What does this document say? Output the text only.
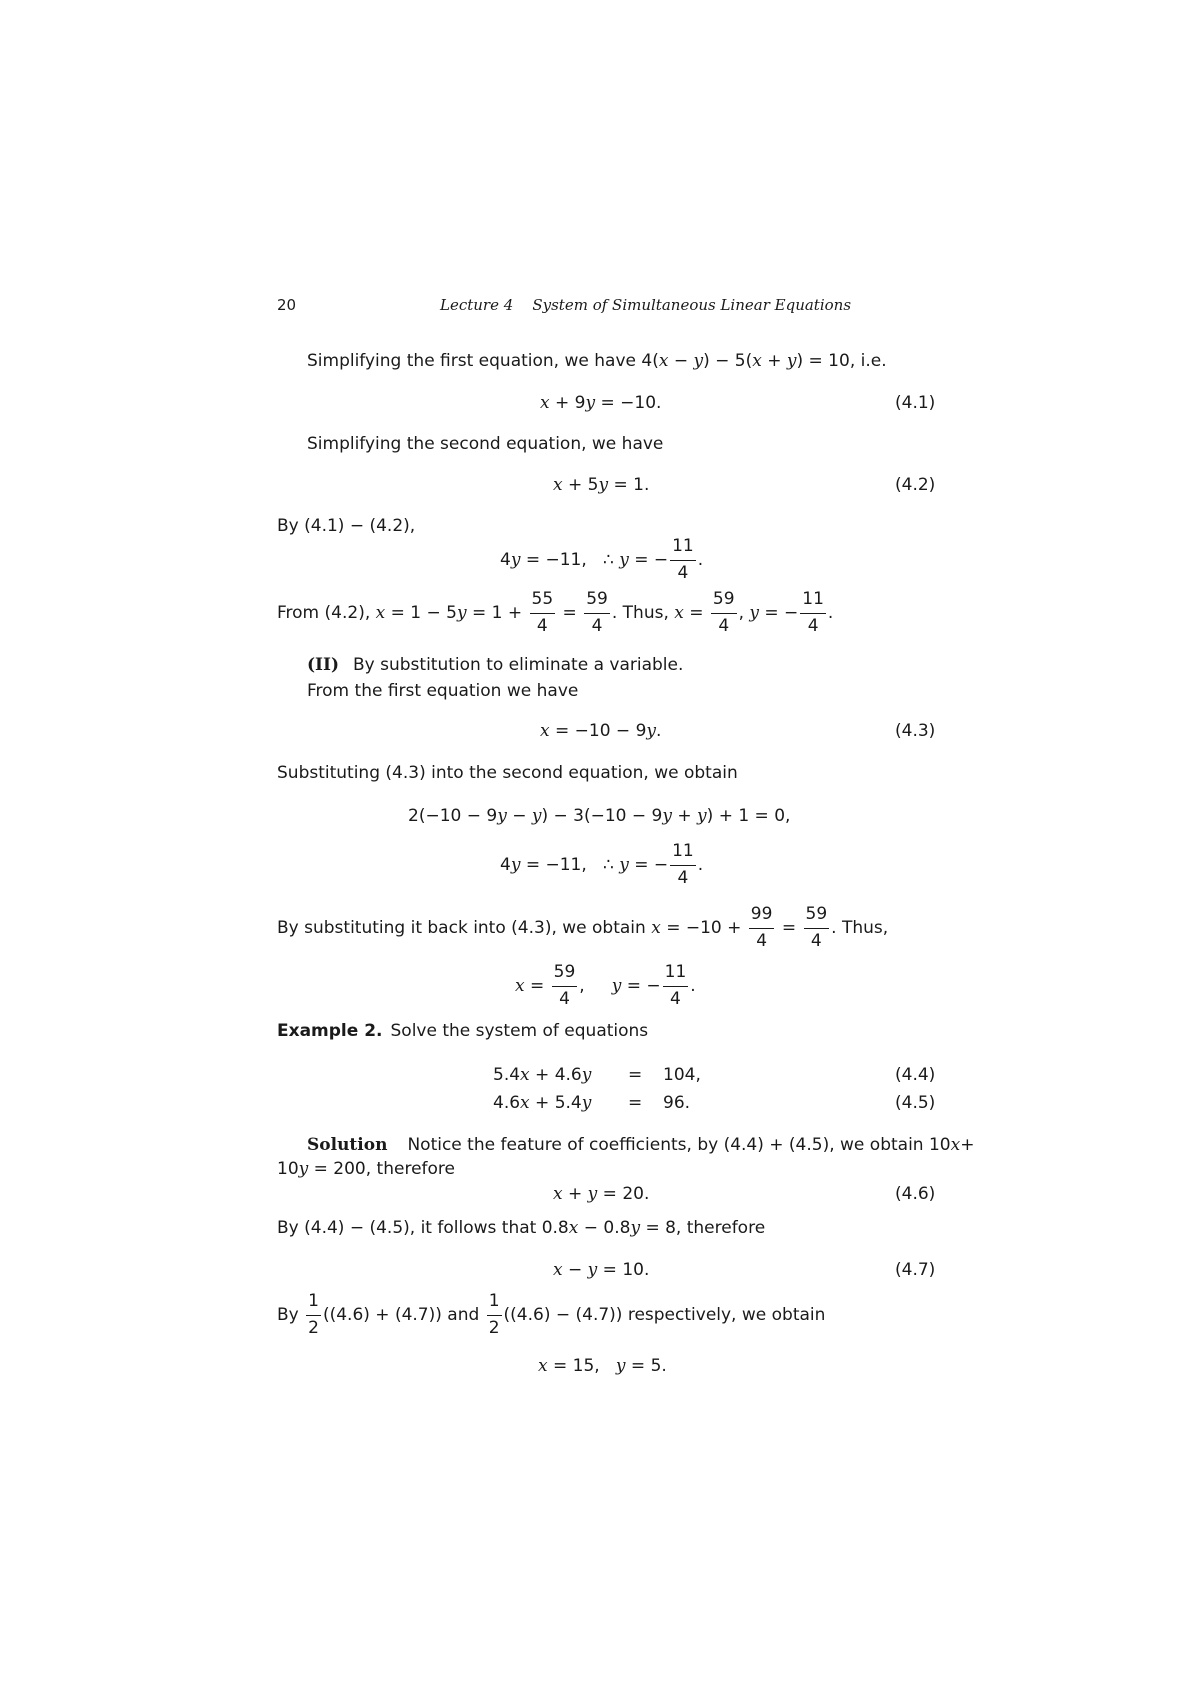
20	Lecture 4    System of Simultaneous Linear Equations
Simplifying the first equation, we have 4(x − y) − 5(x + y) = 10, i.e.
x + 9y = −10.	(4.1)
Simplifying the second equation, we have
x + 5y = 1.	(4.2)
By (4.1) − (4.2),
4y = −11,   ∴ y = − $\frac{11}{4}$ .
From (4.2), $x = 1 - 5y = 1 + \frac{55}{4} = \frac{59}{4}$ . Thus, $x = \frac{59}{4}$ , y = − $\frac{11}{4}$ .
(II) By substitution to eliminate a variable.
From the first equation we have
x = −10 − 9y.	(4.3)
Substituting (4.3) into the second equation, we obtain
2(−10 − 9y − y) − 3(−10 − 9y + y) + 1 = 0,
4y = −11,   ∴ y = − $\frac{11}{4}$ .
By substituting it back into (4.3), we obtain $x = -10 + \frac{99}{4} = \frac{59}{4}$ . Thus,
$x = \frac{59}{4}$ ,     y = − $\frac{11}{4}$ .
Example 2. Solve the system of equations
5.4x + 4.6y = 104,	(4.4)
4.6x + 5.4y = 96.	(4.5)
Solution Notice the feature of coefficients, by (4.4) + (4.5), we obtain 10x+
10y = 200, therefore
x + y = 20.	(4.6)
By (4.4) − (4.5), it follows that 0.8x − 0.8y = 8, therefore
x − y = 10.	(4.7)
By $\frac{1}{2} ((4.6) + (4.7))$ and $\frac{1}{2} ((4.6) - (4.7))$ respectively, we obtain
x = 15,   y = 5.
